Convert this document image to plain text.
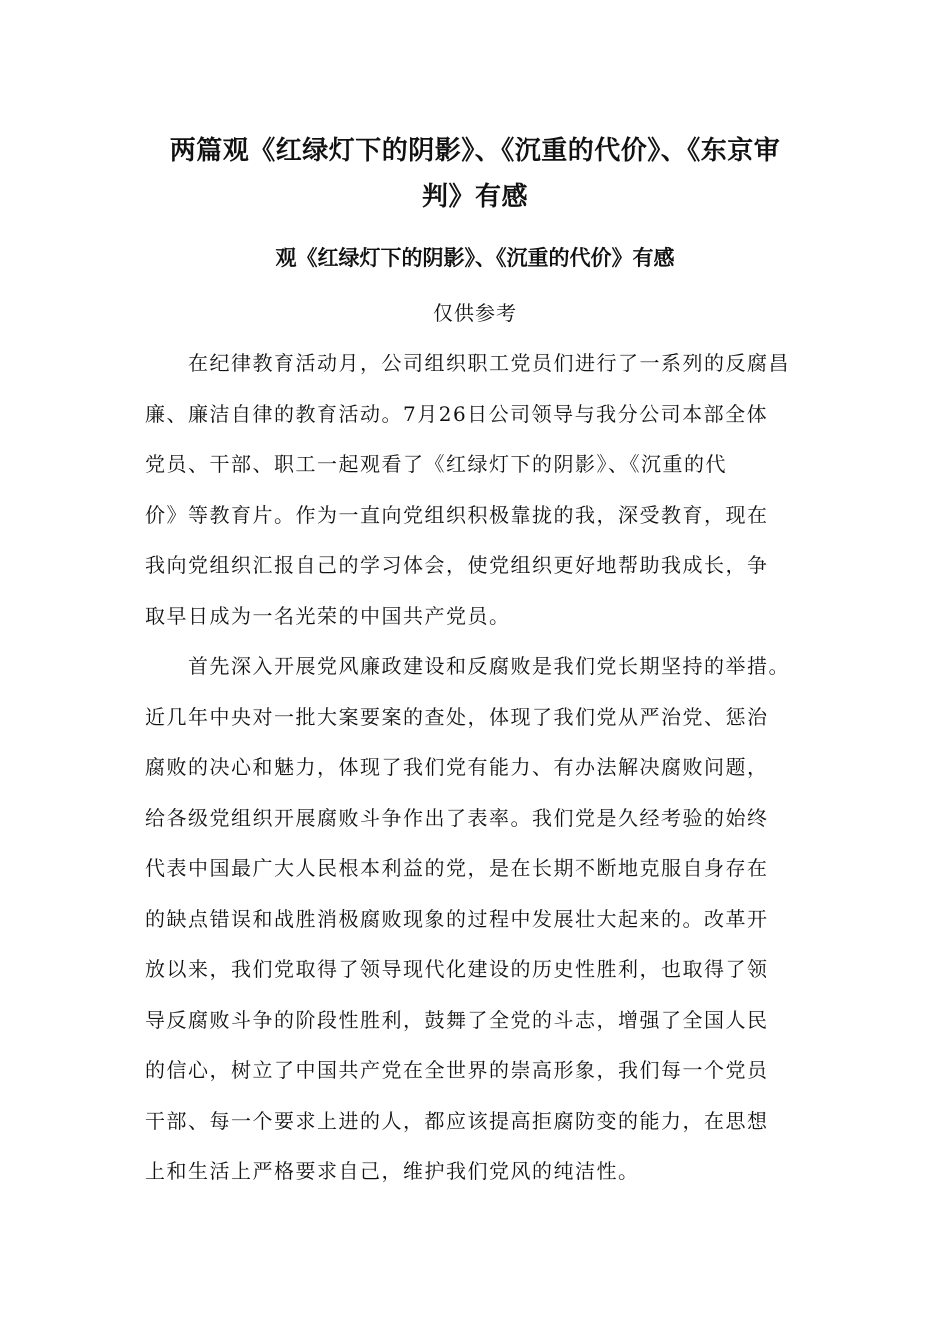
两篇观《红绿灯下的阴影》、《沉重的代价》、《东京审
判》有感
观《红绿灯下的阴影》、《沉重的代价》有感
仅供参考

　　在纪律教育活动月，公司组织职工党员们进行了一系列的反腐昌
廉、廉洁自律的教育活动。7月26日公司领导与我分公司本部全体
党员、干部、职工一起观看了《红绿灯下的阴影》、《沉重的代
价》等教育片。作为一直向党组织积极靠拢的我，深受教育，现在
我向党组织汇报自己的学习体会，使党组织更好地帮助我成长，争
取早日成为一名光荣的中国共产党员。

　　首先深入开展党风廉政建设和反腐败是我们党长期坚持的举措。
近几年中央对一批大案要案的查处，体现了我们党从严治党、惩治
腐败的决心和魅力，体现了我们党有能力、有办法解决腐败问题，
给各级党组织开展腐败斗争作出了表率。我们党是久经考验的始终
代表中国最广大人民根本利益的党，是在长期不断地克服自身存在
的缺点错误和战胜消极腐败现象的过程中发展壮大起来的。改革开
放以来，我们党取得了领导现代化建设的历史性胜利，也取得了领
导反腐败斗争的阶段性胜利，鼓舞了全党的斗志，增强了全国人民
的信心，树立了中国共产党在全世界的崇高形象，我们每一个党员
干部、每一个要求上进的人，都应该提高拒腐防变的能力，在思想
上和生活上严格要求自己，维护我们党风的纯洁性。
